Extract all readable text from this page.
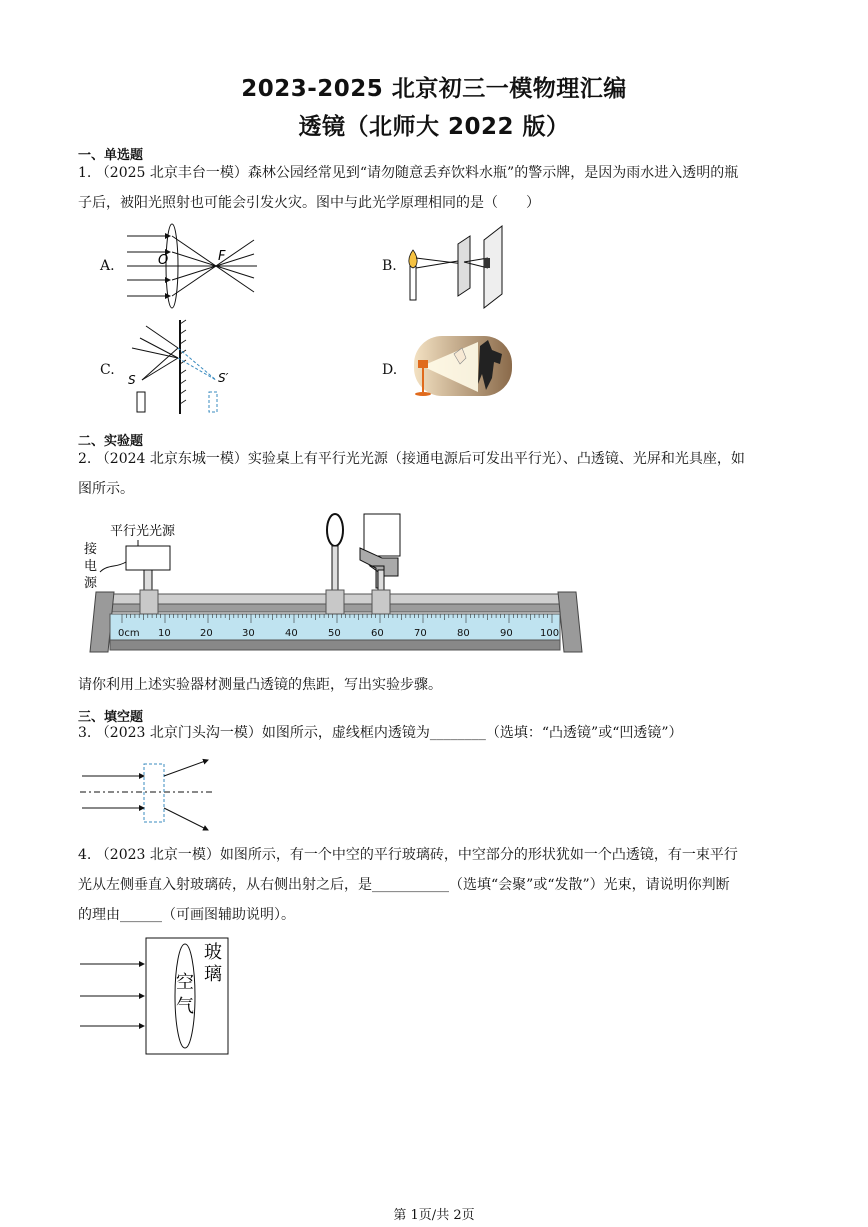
2023-2025 北京初三一模物理汇编
透镜（北师大 2022 版）
一、单选题
1. （2025 北京丰台一模）森林公园经常见到“请勿随意丢弃饮料水瓶”的警示牌，是因为雨水进入透明的瓶
子后，被阳光照射也可能会引发火灾。图中与此光学原理相同的是（　　）
A.	O	F
B.
C.
S	S′	D.
二、实验题
2. （2024 北京东城一模）实验桌上有平行光光源（接通电源后可发出平行光）、凸透镜、光屏和光具座，如
图所示。
平行光光源
接
电
源
0cm 10	20	30	40	50	60	70	80	90	100
请你利用上述实验器材测量凸透镜的焦距，写出实验步骤。
三、填空题
3. （2023 北京门头沟一模）如图所示，虚线框内透镜为________（选填：“凸透镜”或“凹透镜”）
4. （2023 北京一模）如图所示，有一个中空的平行玻璃砖，中空部分的形状犹如一个凸透镜，有一束平行
光从左侧垂直入射玻璃砖，从右侧出射之后，是___________（选填“会聚”或“发散”）光束，请说明你判断
的理由______（可画图辅助说明）。
玻
璃
空
气
第 1页/共 2页
